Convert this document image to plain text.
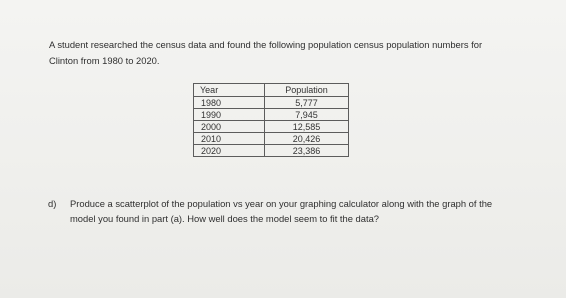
A student researched the census data and found the following population census population numbers for
Clinton from 1980 to 2020.

Year	Population
1980	5,777
1990	7,945
2000	12,585
2010	20,426
2020	23,386
d) Produce a scatterplot of the population vs year on your graphing calculator along with the graph of the
model you found in part (a). How well does the model seem to fit the data?
